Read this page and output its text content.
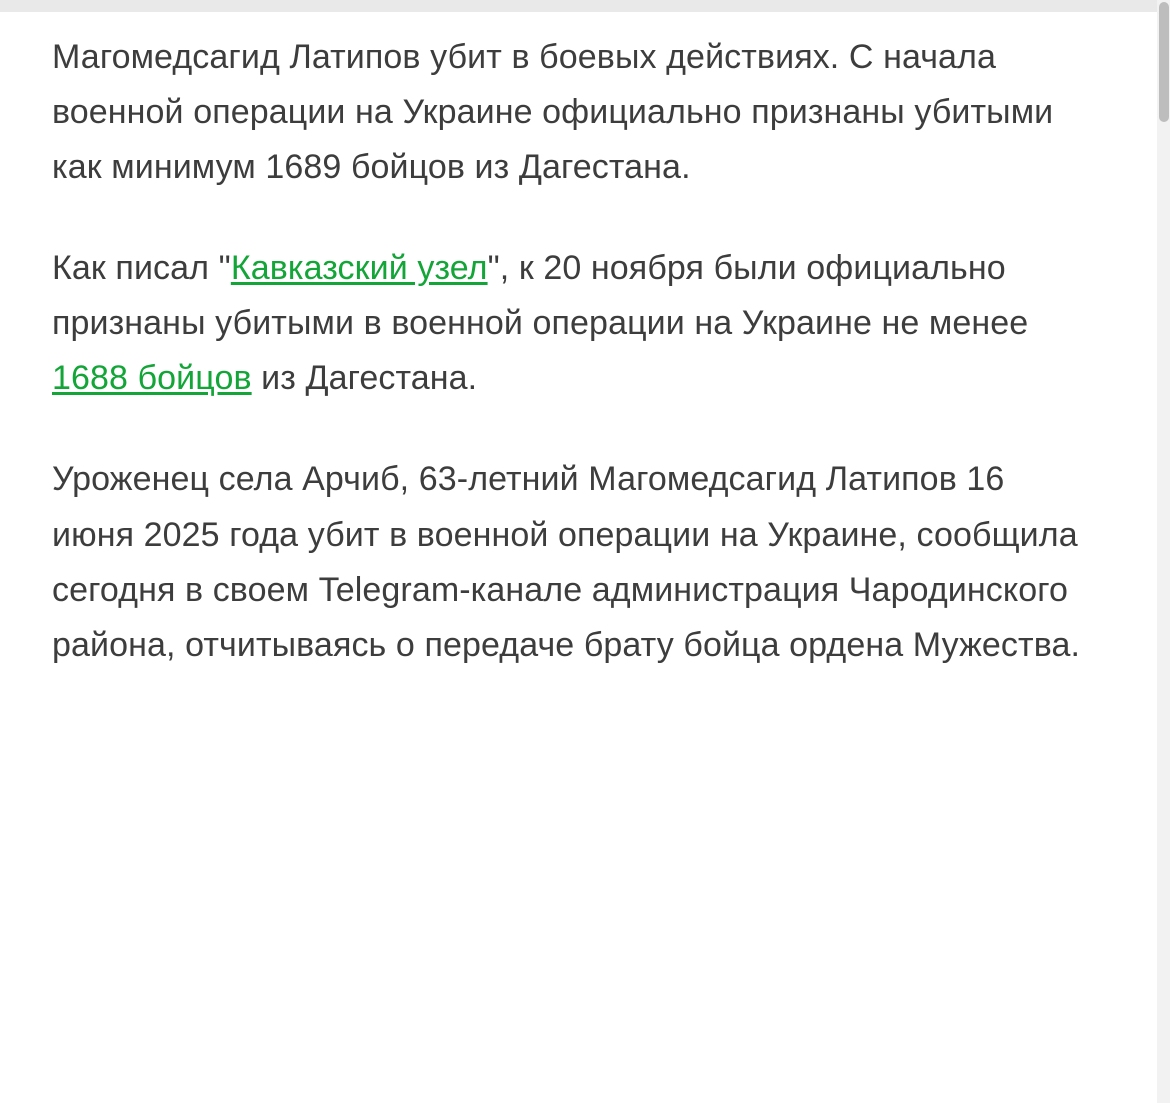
Магомедсагид Латипов убит в боевых действиях. С начала военной операции на Украине официально признаны убитыми как минимум 1689 бойцов из Дагестана.

Как писал "Кавказский узел", к 20 ноября были официально признаны убитыми в военной операции на Украине не менее 1688 бойцов из Дагестана.

Уроженец села Арчиб, 63-летний Магомедсагид Латипов 16 июня 2025 года убит в военной операции на Украине, сообщила сегодня в своем Telegram-канале администрация Чародинского района, отчитываясь о передаче брату бойца ордена Мужества.
